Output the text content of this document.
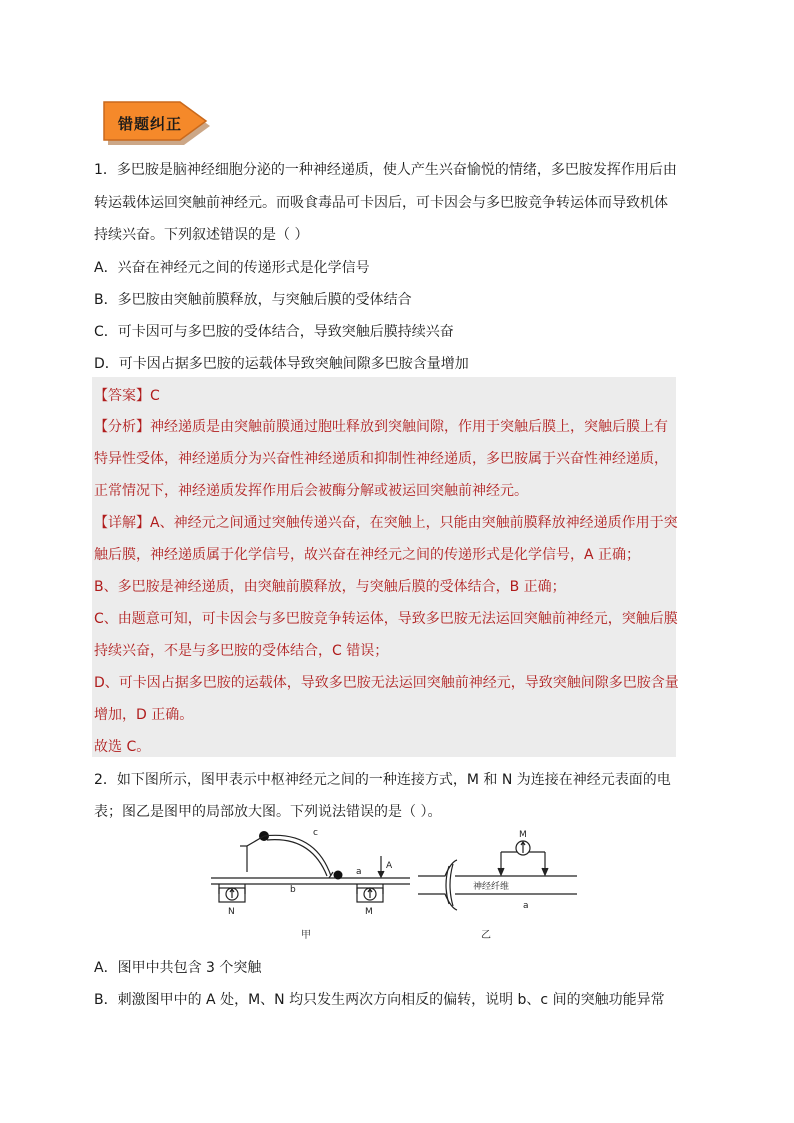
错题纠正
1．多巴胺是脑神经细胞分泌的一种神经递质，使人产生兴奋愉悦的情绪，多巴胺发挥作用后由
转运载体运回突触前神经元。而吸食毒品可卡因后，可卡因会与多巴胺竞争转运体而导致机体
持续兴奋。下列叙述错误的是（ ）
A．兴奋在神经元之间的传递形式是化学信号
B．多巴胺由突触前膜释放，与突触后膜的受体结合
C．可卡因可与多巴胺的受体结合，导致突触后膜持续兴奋
D．可卡因占据多巴胺的运载体导致突触间隙多巴胺含量增加
【答案】C
【分析】神经递质是由突触前膜通过胞吐释放到突触间隙，作用于突触后膜上，突触后膜上有
特异性受体，神经递质分为兴奋性神经递质和抑制性神经递质，多巴胺属于兴奋性神经递质，
正常情况下，神经递质发挥作用后会被酶分解或被运回突触前神经元。
【详解】A、神经元之间通过突触传递兴奋，在突触上，只能由突触前膜释放神经递质作用于突
触后膜，神经递质属于化学信号，故兴奋在神经元之间的传递形式是化学信号，A 正确；
B、多巴胺是神经递质，由突触前膜释放，与突触后膜的受体结合，B 正确；
C、由题意可知，可卡因会与多巴胺竞争转运体，导致多巴胺无法运回突触前神经元，突触后膜
持续兴奋，不是与多巴胺的受体结合，C 错误；
D、可卡因占据多巴胺的运载体，导致多巴胺无法运回突触前神经元，导致突触间隙多巴胺含量
增加，D 正确。
故选 C。
2．如下图所示，图甲表示中枢神经元之间的一种连接方式，M 和 N 为连接在神经元表面的电
表；图乙是图甲的局部放大图。下列说法错误的是（ ）。
c
a
b
A
N	M
甲
神经纤维
M
a
乙
A．图甲中共包含 3 个突触
B．刺激图甲中的 A 处，M、N 均只发生两次方向相反的偏转，说明 b、c 间的突触功能异常
